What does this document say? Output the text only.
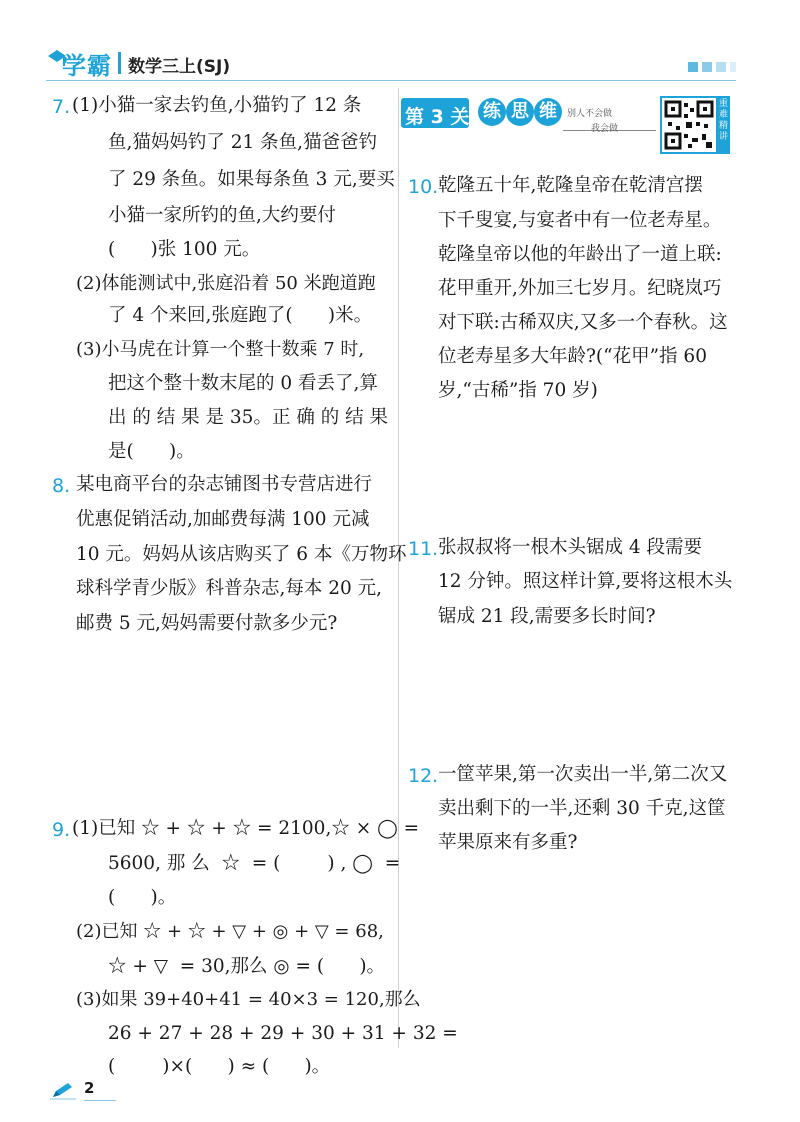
学霸 数学三上(SJ)
7. (1)小猫一家去钓鱼,小猫钓了 12 条
鱼,猫妈妈钓了 21 条鱼,猫爸爸钓
了 29 条鱼。如果每条鱼 3 元,要买
小猫一家所钓的鱼,大约要付
(      )张 100 元。
(2)体能测试中,张庭沿着 50 米跑道跑
了 4 个来回,张庭跑了(      )米。
(3)小马虎在计算一个整十数乘 7 时,
把这个整十数末尾的 0 看丢了,算
出 的 结 果 是 35。正 确 的 结 果
是(      )。
8. 某电商平台的杂志铺图书专营店进行
优惠促销活动,加邮费每满 100 元减
10 元。妈妈从该店购买了 6 本《万物环
球科学青少版》科普杂志,每本 20 元,
邮费 5 元,妈妈需要付款多少元?
9. (1)已知 ☆ + ☆ + ☆ = 2100,☆ × ◯ =
5600, 那 么  ☆  = (        ) , ◯  =
(      )。
(2)已知 ☆ + ☆ + ▽ + ◎ + ▽ = 68,
☆ + ▽  = 30,那么 ◎ = (      )。
(3)如果 39+40+41 = 40×3 = 120,那么
26 + 27 + 28 + 29 + 30 + 31 + 32 =
(        )×(      ) ≈ (      )。
第 3 关 练 思 维	别人不会做
我会做
重难精讲
10. 乾隆五十年,乾隆皇帝在乾清宫摆
下千叟宴,与宴者中有一位老寿星。
乾隆皇帝以他的年龄出了一道上联:
花甲重开,外加三七岁月。纪晓岚巧
对下联:古稀双庆,又多一个春秋。这
位老寿星多大年龄?(“花甲”指 60
岁,“古稀”指 70 岁)
11. 张叔叔将一根木头锯成 4 段需要
12 分钟。照这样计算,要将这根木头
锯成 21 段,需要多长时间?
12. 一筐苹果,第一次卖出一半,第二次又
卖出剩下的一半,还剩 30 千克,这筐
苹果原来有多重?
2
